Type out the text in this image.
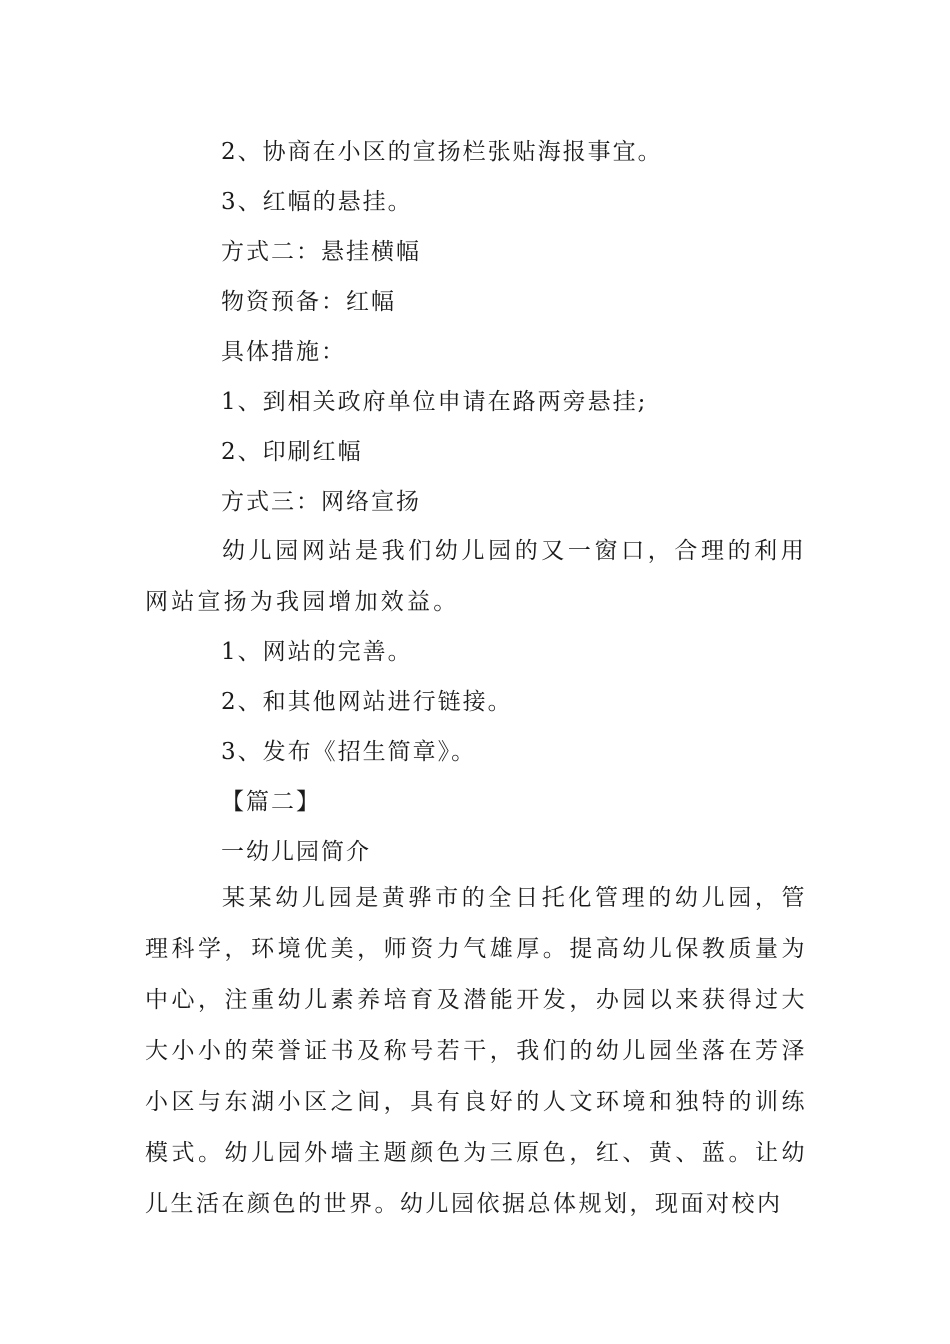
2、协商在小区的宣扬栏张贴海报事宜。
3、红幅的悬挂。
方式二：悬挂横幅
物资预备：红幅
具体措施：
1、到相关政府单位申请在路两旁悬挂;
2、印刷红幅
方式三：网络宣扬
幼儿园网站是我们幼儿园的又一窗口，合理的利用网站宣扬为我园增加效益。
1、网站的完善。
2、和其他网站进行链接。
3、发布《招生简章》。
【篇二】
一幼儿园简介
某某幼儿园是黄骅市的全日托化管理的幼儿园，管理科学，环境优美，师资力气雄厚。提高幼儿保教质量为中心，注重幼儿素养培育及潜能开发，办园以来获得过大大小小的荣誉证书及称号若干，我们的幼儿园坐落在芳泽小区与东湖小区之间，具有良好的人文环境和独特的训练模式。幼儿园外墙主题颜色为三原色，红、黄、蓝。让幼儿生活在颜色的世界。幼儿园依据总体规划，现面对校内
